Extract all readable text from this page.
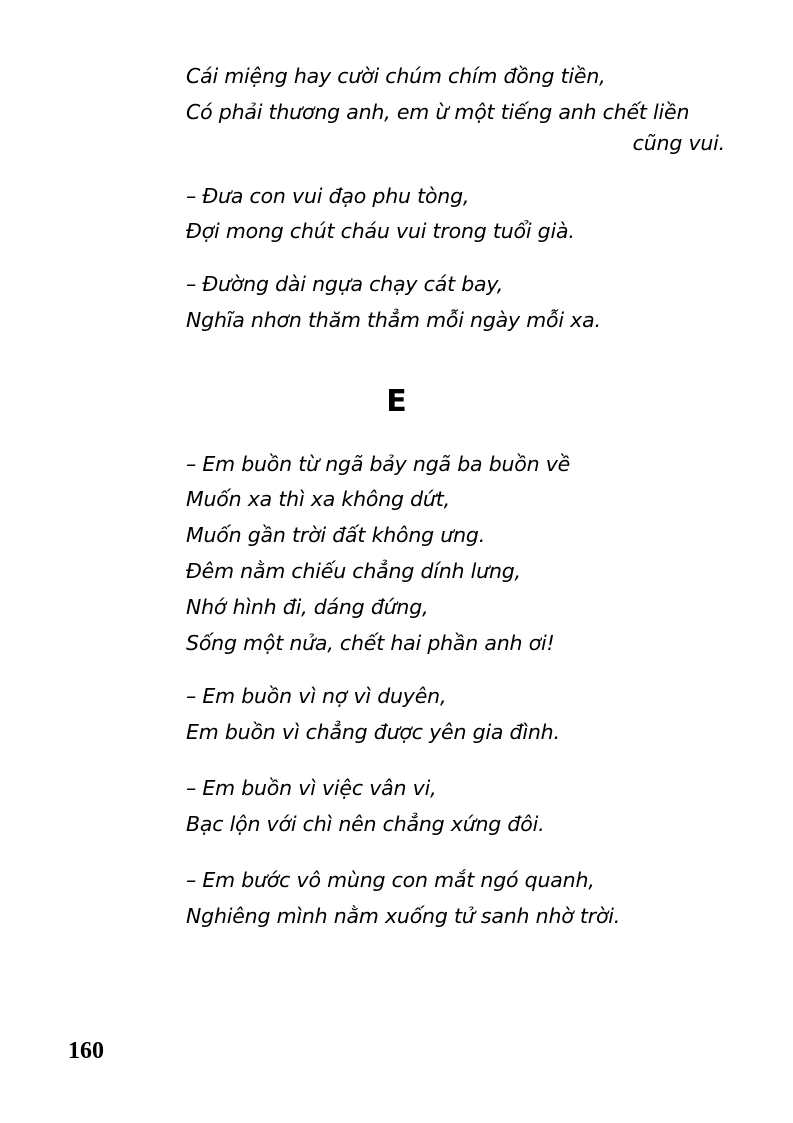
Cái miệng hay cười chúm chím đồng tiền,
Có phải thương anh, em ừ một tiếng anh chết liền
cũng vui.
– Đưa con vui đạo phu tòng,
Đợi mong chút cháu vui trong tuổi già.
– Đường dài ngựa chạy cát bay,
Nghĩa nhơn thăm thẳm mỗi ngày mỗi xa.
E
– Em buồn từ ngã bảy ngã ba buồn về
Muốn xa thì xa không dứt,
Muốn gần trời đất không ưng.
Đêm nằm chiếu chẳng dính lưng,
Nhớ hình đi, dáng đứng,
Sống một nửa, chết hai phần anh ơi!
– Em buồn vì nợ vì duyên,
Em buồn vì chẳng được yên gia đình.
– Em buồn vì việc vân vi,
Bạc lộn với chì nên chẳng xứng đôi.
– Em bước vô mùng con mắt ngó quanh,
Nghiêng mình nằm xuống tử sanh nhờ trời.
160
